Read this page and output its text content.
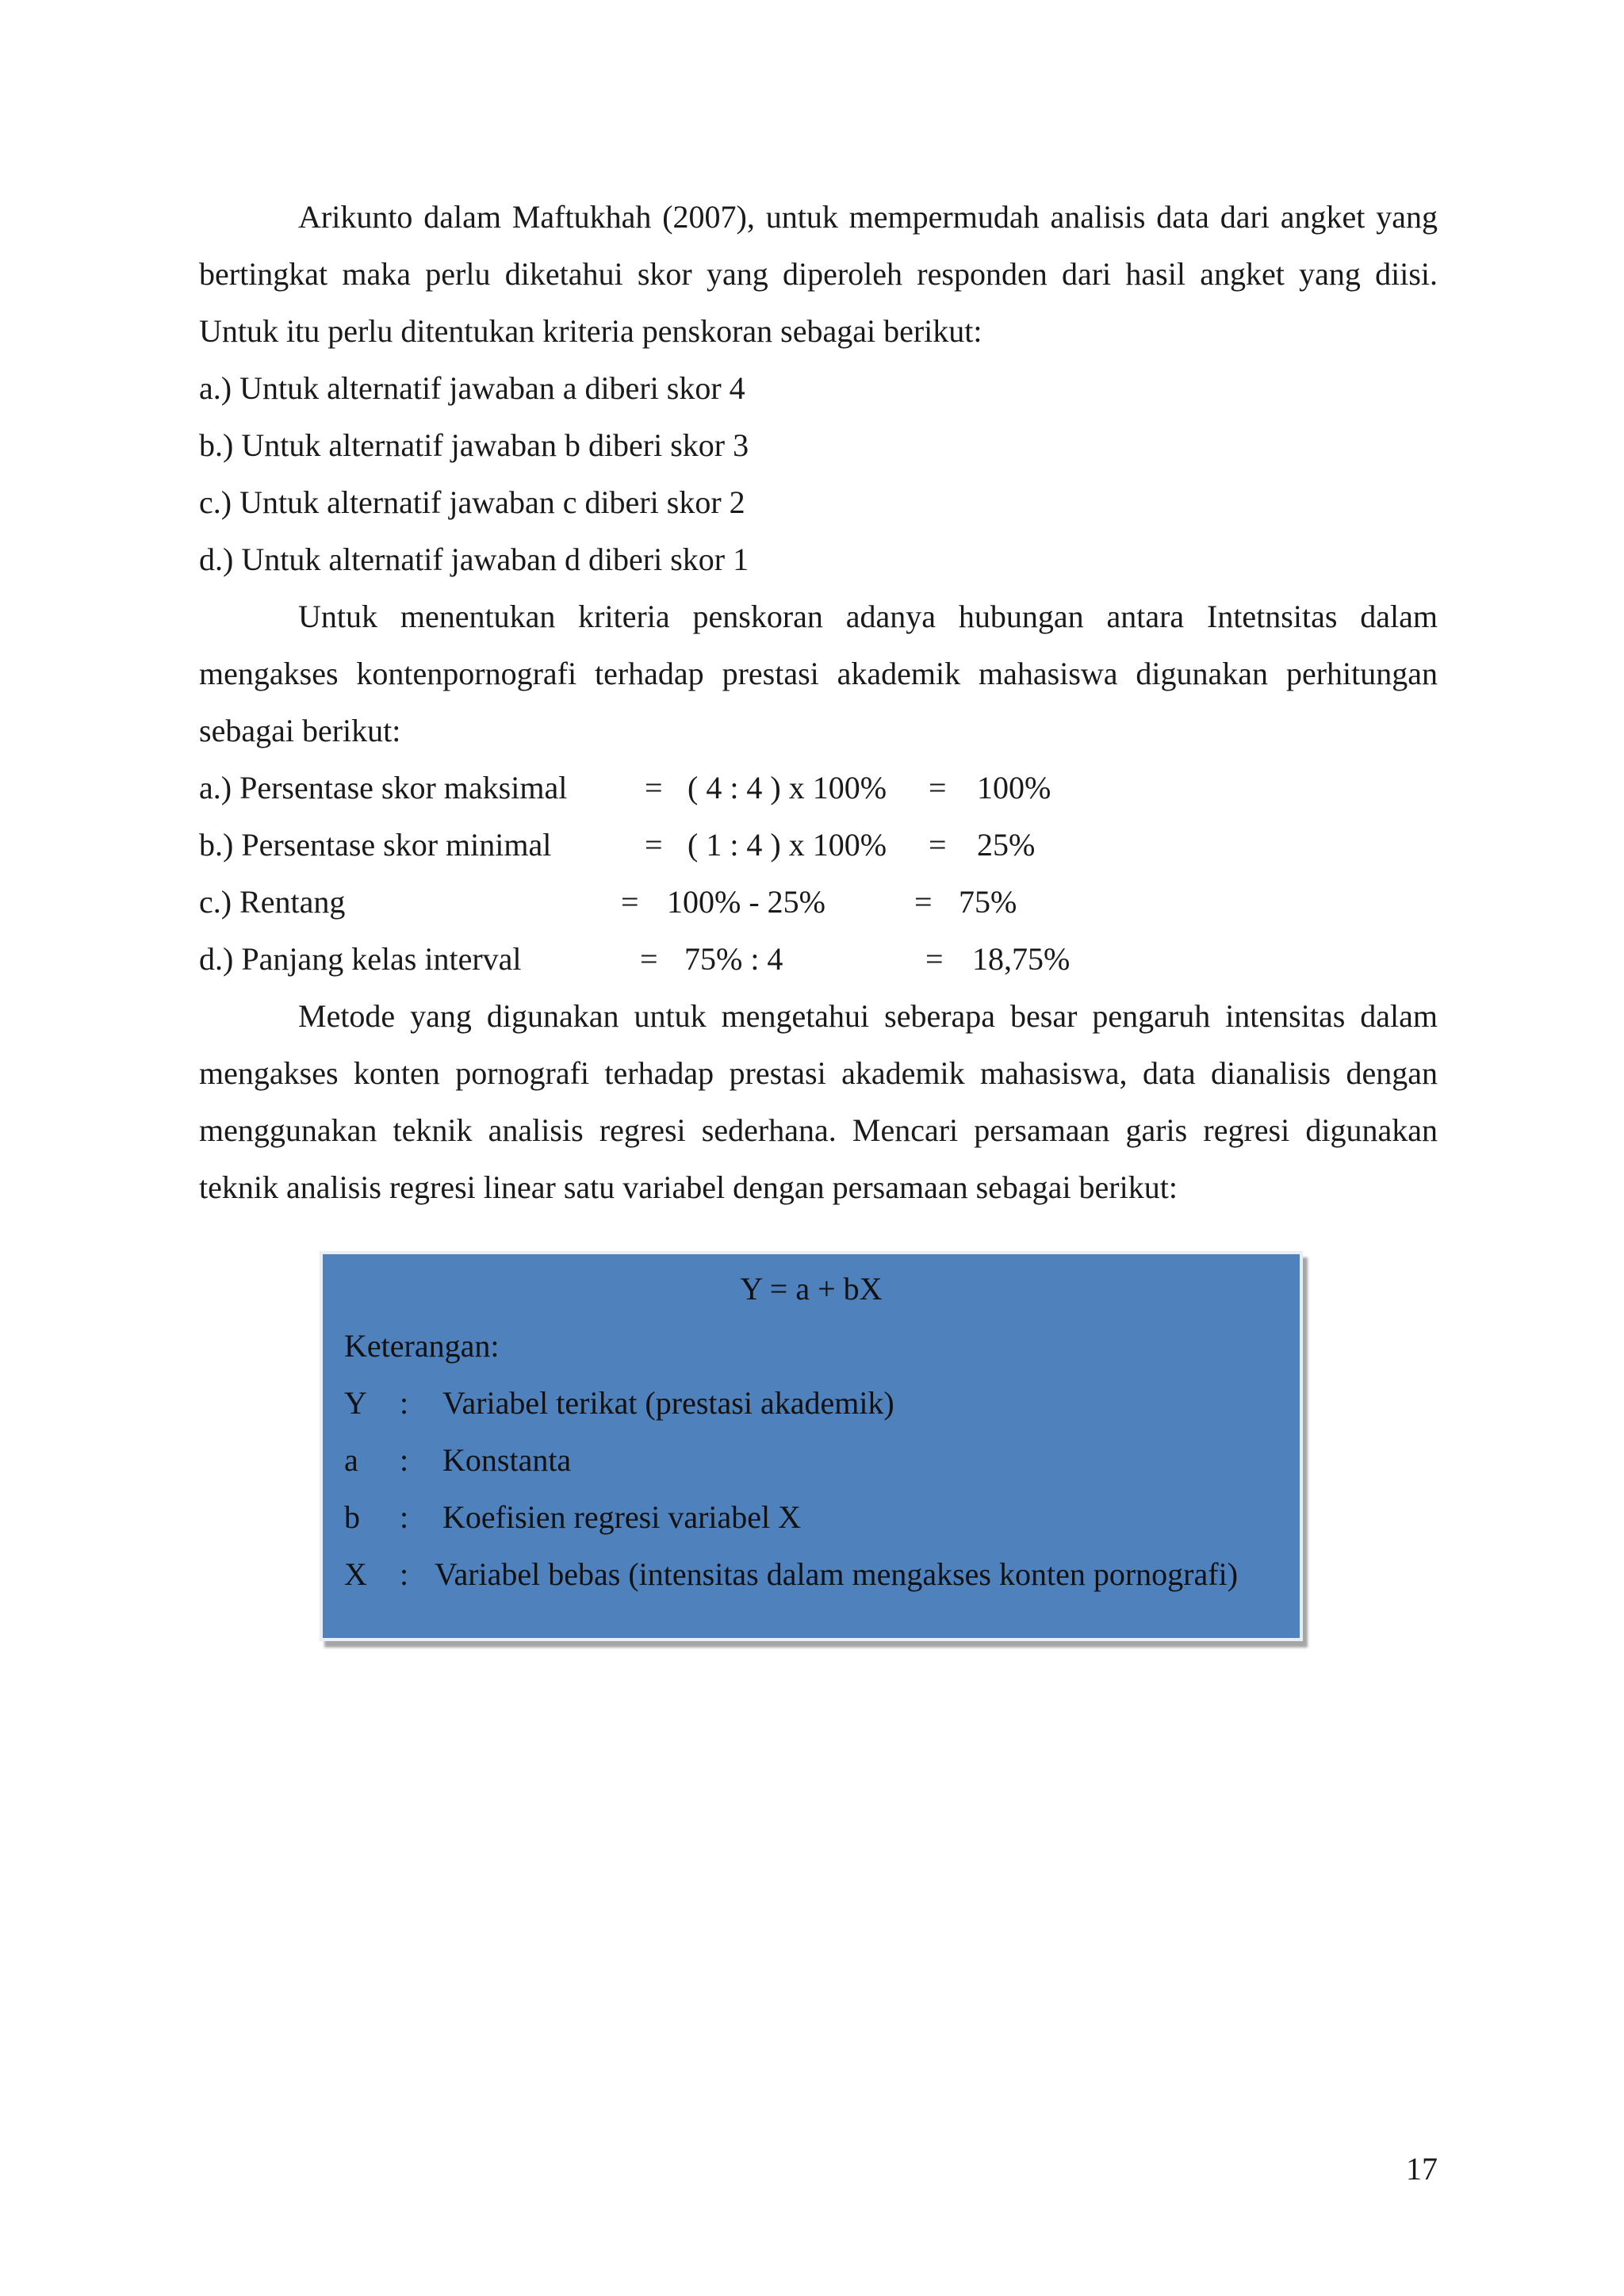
Arikunto dalam Maftukhah (2007), untuk mempermudah analisis data dari angket yang bertingkat maka perlu diketahui skor yang diperoleh responden dari hasil angket yang diisi. Untuk itu perlu ditentukan kriteria penskoran sebagai berikut:

a.) Untuk alternatif jawaban a diberi skor 4

b.) Untuk alternatif jawaban b diberi skor 3

c.) Untuk alternatif jawaban c diberi skor 2

d.) Untuk alternatif jawaban d diberi skor 1

Untuk menentukan kriteria penskoran adanya hubungan antara Intetnsitas dalam mengakses kontenpornografi terhadap prestasi akademik mahasiswa digunakan perhitungan sebagai berikut:

a.) Persentase skor maksimal = ( 4 : 4 ) x 100% = 100%
b.) Persentase skor minimal	= ( 1 : 4 ) x 100% = 25%
c.) Rentang	= 100% - 25%	= 75%
d.) Panjang kelas interval	= 75% : 4	= 18,75%

Metode yang digunakan untuk mengetahui seberapa besar pengaruh intensitas dalam mengakses konten pornografi terhadap prestasi akademik mahasiswa, data dianalisis dengan menggunakan teknik analisis regresi sederhana. Mencari persamaan garis regresi digunakan teknik analisis regresi linear satu variabel dengan persamaan sebagai berikut:

Y = a + bX
Keterangan:
Y : Variabel terikat (prestasi akademik)
a : Konstanta
b : Koefisien regresi variabel X
X : Variabel bebas (intensitas dalam mengakses konten pornografi)
17
